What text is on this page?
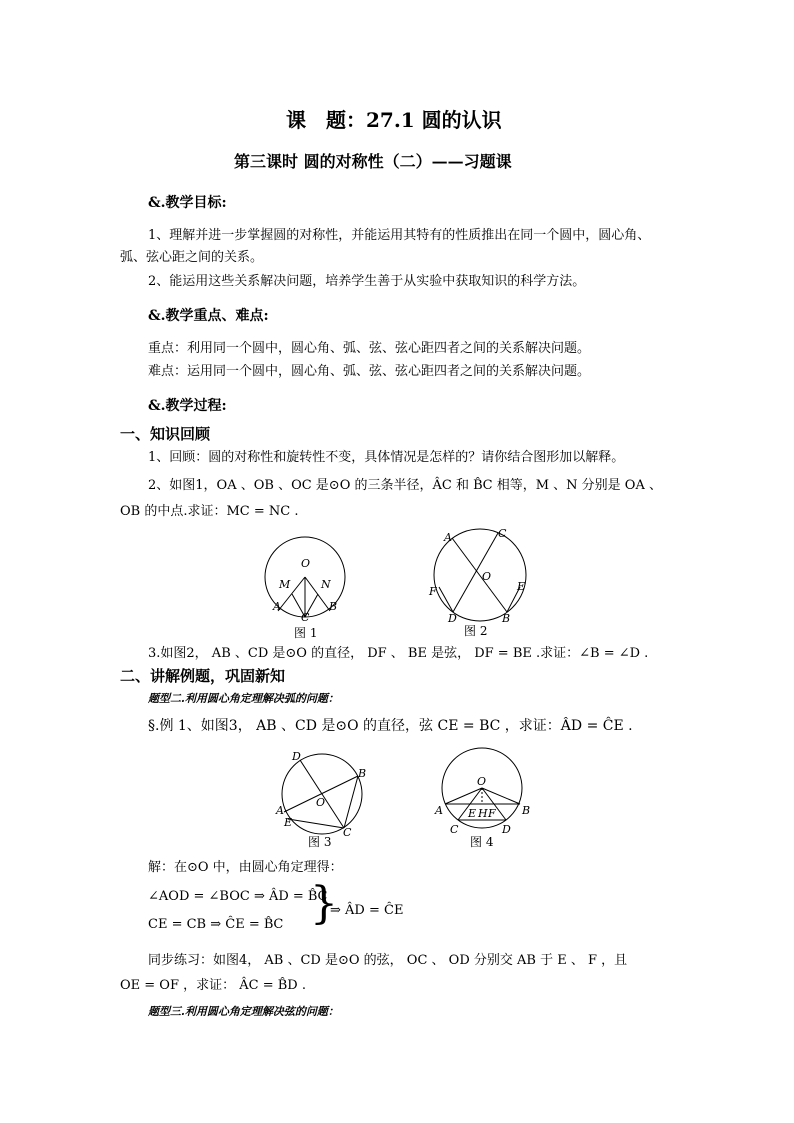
课　题：27.1 圆的认识
第三课时 圆的对称性（二）——习题课
&.教学目标:
1、理解并进一步掌握圆的对称性，并能运用其特有的性质推出在同一个圆中，圆心角、
弧、弦心距之间的关系。
2、能运用这些关系解决问题，培养学生善于从实验中获取知识的科学方法。
&.教学重点、难点:
重点：利用同一个圆中，圆心角、弧、弦、弦心距四者之间的关系解决问题。
难点：运用同一个圆中，圆心角、弧、弦、弦心距四者之间的关系解决问题。
&.教学过程:
一、知识回顾
1、回顾：圆的对称性和旋转性不变，具体情况是怎样的？请你结合图形加以解释。
2、如图1，OA 、OB 、OC 是⊙O 的三条半径，ÂC 和 B̂C 相等，M 、N 分别是 OA 、
OB 的中点.求证：MC = NC .
O
M	N
A	B
C
图 1
A	C
O
E
F
D	B
图 2
3.如图2， AB 、CD 是⊙O 的直径， DF 、 BE 是弦， DF = BE .求证：∠B = ∠D .
二、讲解例题，巩固新知
题型二.利用圆心角定理解决弧的问题：
§.例 1、如图3， AB 、CD 是⊙O 的直径，弦 CE = BC ，求证：ÂD = ĈE .
D
B
O
A
E
C
图 3
O
A	B
E H F
C	D
图 4
解：在⊙O 中，由圆心角定理得：
∠AOD = ∠BOC ⇒ ÂD = B̂C
CE = CB ⇒ ĈE = B̂C }
⇒ ÂD = ĈE
同步练习：如图4， AB 、CD 是⊙O 的弦， OC 、 OD 分别交 AB 于 E 、 F ，且
OE = OF ，求证： ÂC = B̂D .
题型三.利用圆心角定理解决弦的问题：
